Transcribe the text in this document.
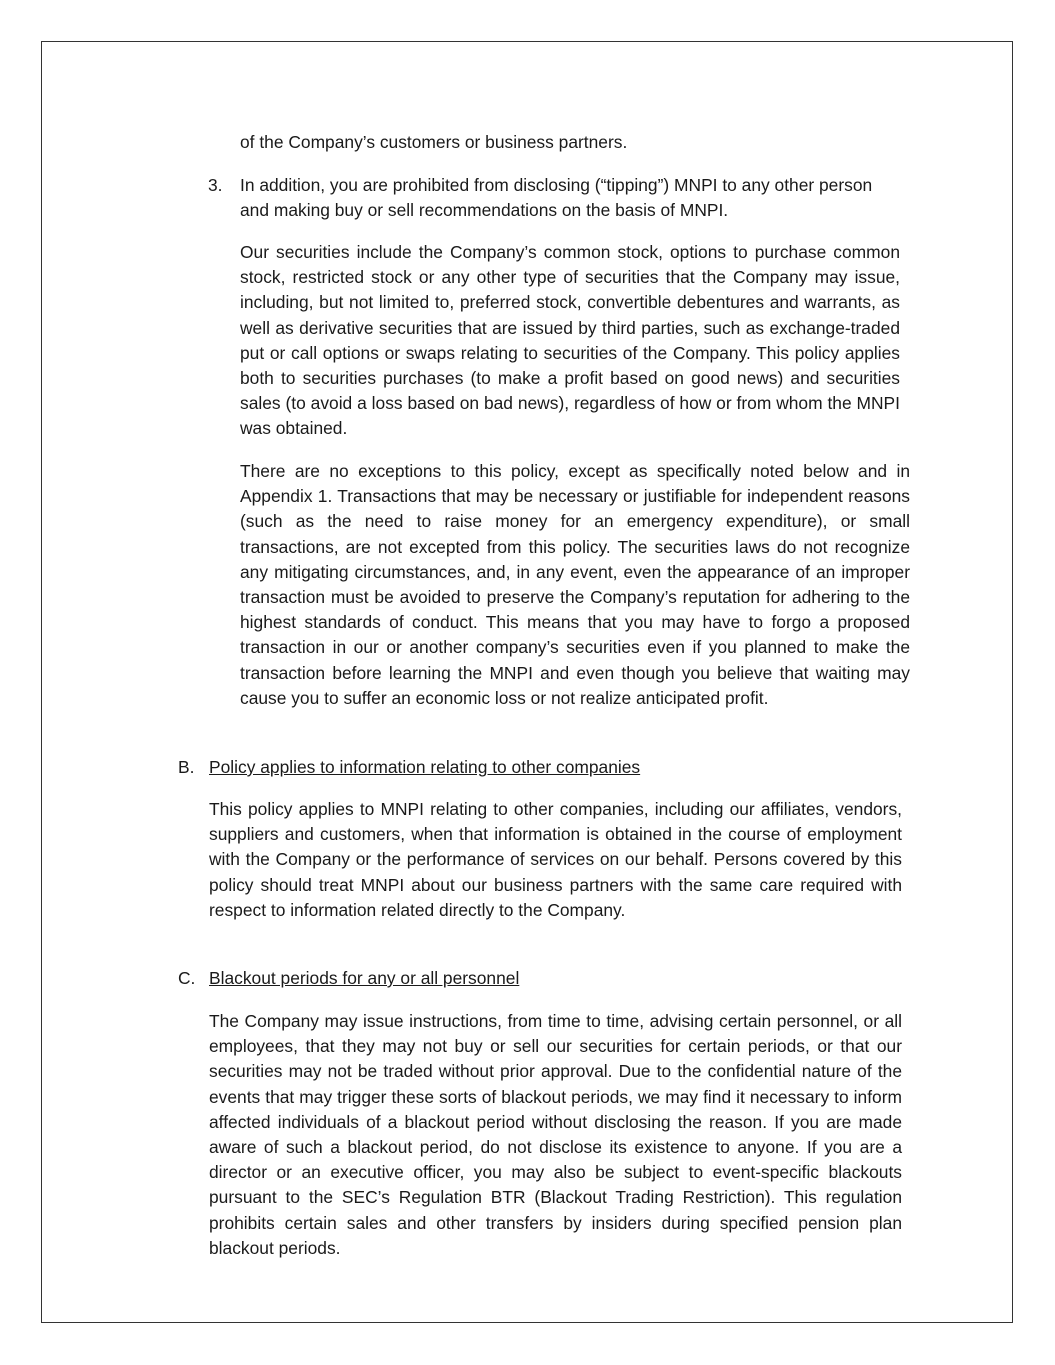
of the Company’s customers or business partners.

3. In addition, you are prohibited from disclosing (“tipping”) MNPI to any other person and making buy or sell recommendations on the basis of MNPI.

Our securities include the Company’s common stock, options to purchase common stock, restricted stock or any other type of securities that the Company may issue, including, but not limited to, preferred stock, convertible debentures and warrants, as well as derivative securities that are issued by third parties, such as exchange-traded put or call options or swaps relating to securities of the Company. This policy applies both to securities purchases (to make a profit based on good news) and securities sales (to avoid a loss based on bad news), regardless of how or from whom the MNPI was obtained.

There are no exceptions to this policy, except as specifically noted below and in Appendix 1. Transactions that may be necessary or justifiable for independent reasons (such as the need to raise money for an emergency expenditure), or small transactions, are not excepted from this policy. The securities laws do not recognize any mitigating circumstances, and, in any event, even the appearance of an improper transaction must be avoided to preserve the Company’s reputation for adhering to the highest standards of conduct. This means that you may have to forgo a proposed transaction in our or another company’s securities even if you planned to make the transaction before learning the MNPI and even though you believe that waiting may cause you to suffer an economic loss or not realize anticipated profit.

B. Policy applies to information relating to other companies

This policy applies to MNPI relating to other companies, including our affiliates, vendors, suppliers and customers, when that information is obtained in the course of employment with the Company or the performance of services on our behalf. Persons covered by this policy should treat MNPI about our business partners with the same care required with respect to information related directly to the Company.

C. Blackout periods for any or all personnel

The Company may issue instructions, from time to time, advising certain personnel, or all employees, that they may not buy or sell our securities for certain periods, or that our securities may not be traded without prior approval. Due to the confidential nature of the events that may trigger these sorts of blackout periods, we may find it necessary to inform affected individuals of a blackout period without disclosing the reason. If you are made aware of such a blackout period, do not disclose its existence to anyone. If you are a director or an executive officer, you may also be subject to event-specific blackouts pursuant to the SEC’s Regulation BTR (Blackout Trading Restriction). This regulation prohibits certain sales and other transfers by insiders during specified pension plan blackout periods.
